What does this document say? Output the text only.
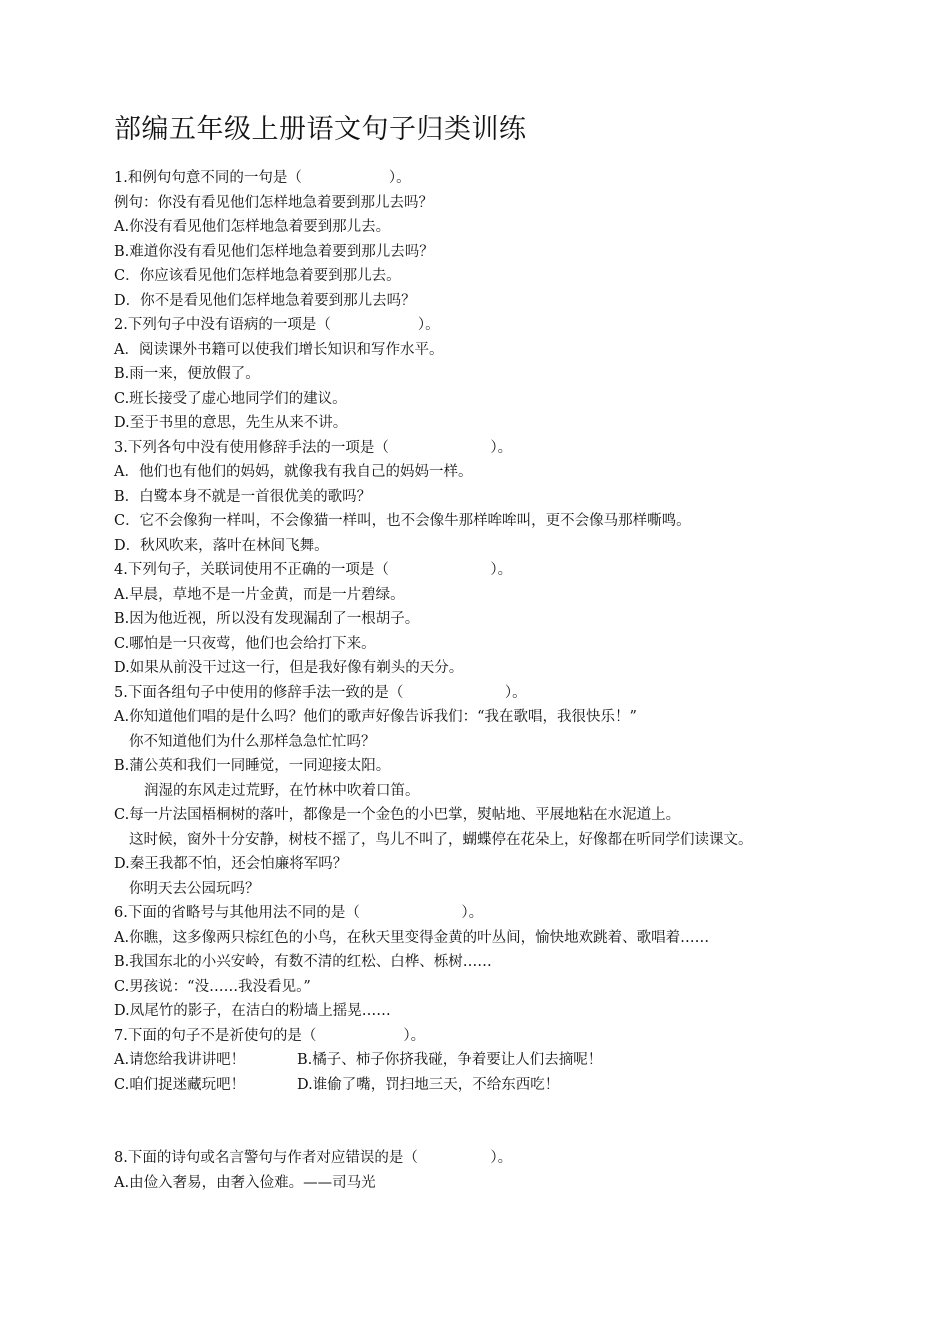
部编五年级上册语文句子归类训练
1.和例句句意不同的一句是（　　　　　　）。
例句：你没有看见他们怎样地急着要到那儿去吗？
A.你没有看见他们怎样地急着要到那儿去。
B.难道你没有看见他们怎样地急着要到那儿去吗？
C．你应该看见他们怎样地急着要到那儿去。
D．你不是看见他们怎样地急着要到那儿去吗？
2.下列句子中没有语病的一项是（　　　　　　）。
A．阅读课外书籍可以使我们增长知识和写作水平。
B.雨一来，便放假了。
C.班长接受了虚心地同学们的建议。
D.至于书里的意思，先生从来不讲。
3.下列各句中没有使用修辞手法的一项是（　　　　　　　）。
A．他们也有他们的妈妈，就像我有我自己的妈妈一样。
B．白鹭本身不就是一首很优美的歌吗？
C．它不会像狗一样叫，不会像猫一样叫，也不会像牛那样哞哞叫，更不会像马那样嘶鸣。
D．秋风吹来，落叶在林间飞舞。
4.下列句子，关联词使用不正确的一项是（　　　　　　　）。
A.早晨，草地不是一片金黄，而是一片碧绿。
B.因为他近视，所以没有发现漏刮了一根胡子。
C.哪怕是一只夜莺，他们也会给打下来。
D.如果从前没干过这一行，但是我好像有剃头的天分。
5.下面各组句子中使用的修辞手法一致的是（　　　　　　　）。
A.你知道他们唱的是什么吗？他们的歌声好像告诉我们：“我在歌唱，我很快乐！”
你不知道他们为什么那样急急忙忙吗？
B.蒲公英和我们一同睡觉，一同迎接太阳。
润湿的东风走过荒野，在竹林中吹着口笛。
C.每一片法国梧桐树的落叶，都像是一个金色的小巴掌，熨帖地、平展地粘在水泥道上。
这时候，窗外十分安静，树枝不摇了，鸟儿不叫了，蝴蝶停在花朵上，好像都在听同学们读课文。
D.秦王我都不怕，还会怕廉将军吗？
你明天去公园玩吗？
6.下面的省略号与其他用法不同的是（　　　　　　　）。
A.你瞧，这多像两只棕红色的小鸟，在秋天里变得金黄的叶丛间，愉快地欢跳着、歌唱着……
B.我国东北的小兴安岭，有数不清的红松、白桦、栎树……
C.男孩说：“没……我没看见。”
D.凤尾竹的影子，在洁白的粉墙上摇晃……
7.下面的句子不是祈使句的是（　　　　　　）。
A.请您给我讲讲吧！	B.橘子、柿子你挤我碰，争着要让人们去摘呢！
C.咱们捉迷藏玩吧！	D.谁偷了嘴，罚扫地三天，不给东西吃！
8.下面的诗句或名言警句与作者对应错误的是（　　　　　）。
A.由俭入奢易，由奢入俭难。——司马光
